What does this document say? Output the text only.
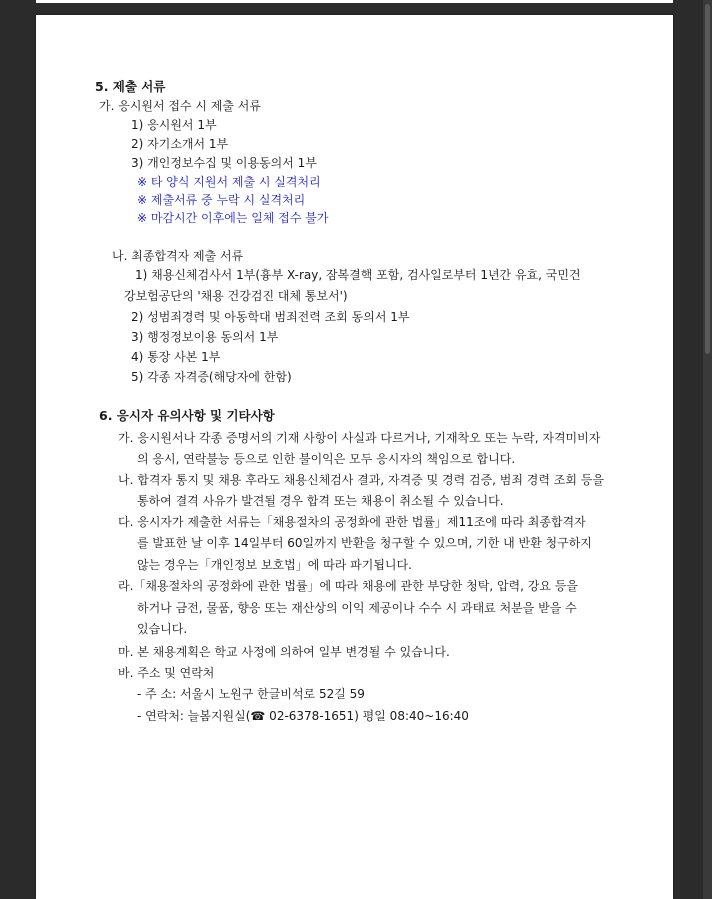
5. 제출 서류
가. 응시원서 접수 시 제출 서류
1) 응시원서 1부
2) 자기소개서 1부
3) 개인정보수집 및 이용동의서 1부
※ 타 양식 지원서 제출 시 실격처리
※ 제출서류 중 누락 시 실격처리
※ 마감시간 이후에는 일체 접수 불가
나. 최종합격자 제출 서류
1) 채용신체검사서 1부(흉부 X-ray, 잠복결핵 포함, 검사일로부터 1년간 유효, 국민건
강보험공단의 '채용 건강검진 대체 통보서')
2) 성범죄경력 및 아동학대 범죄전력 조회 동의서 1부
3) 행정정보이용 동의서 1부
4) 통장 사본 1부
5) 각종 자격증(해당자에 한함)
6. 응시자 유의사항 및 기타사항
가. 응시원서나 각종 증명서의 기재 사항이 사실과 다르거나, 기재착오 또는 누락, 자격미비자
의 응시, 연락불능 등으로 인한 불이익은 모두 응시자의 책임으로 합니다.
나. 합격자 통지 및 채용 후라도 채용신체검사 결과, 자격증 및 경력 검증, 범죄 경력 조회 등을
통하여 결격 사유가 발견될 경우 합격 또는 채용이 취소될 수 있습니다.
다. 응시자가 제출한 서류는「채용절차의 공정화에 관한 법률」제11조에 따라 최종합격자
를 발표한 날 이후 14일부터 60일까지 반환을 청구할 수 있으며, 기한 내 반환 청구하지
않는 경우는「개인정보 보호법」에 따라 파기됩니다.
라.「채용절차의 공정화에 관한 법률」에 따라 채용에 관한 부당한 청탁, 압력, 강요 등을
하거나 금전, 물품, 향응 또는 재산상의 이익 제공이나 수수 시 과태료 처분을 받을 수
있습니다.
마. 본 채용계획은 학교 사정에 의하여 일부 변경될 수 있습니다.
바. 주소 및 연락처
- 주 소: 서울시 노원구 한글비석로 52길 59
- 연락처: 늘봄지원실(☎ 02-6378-1651) 평일 08:40~16:40
